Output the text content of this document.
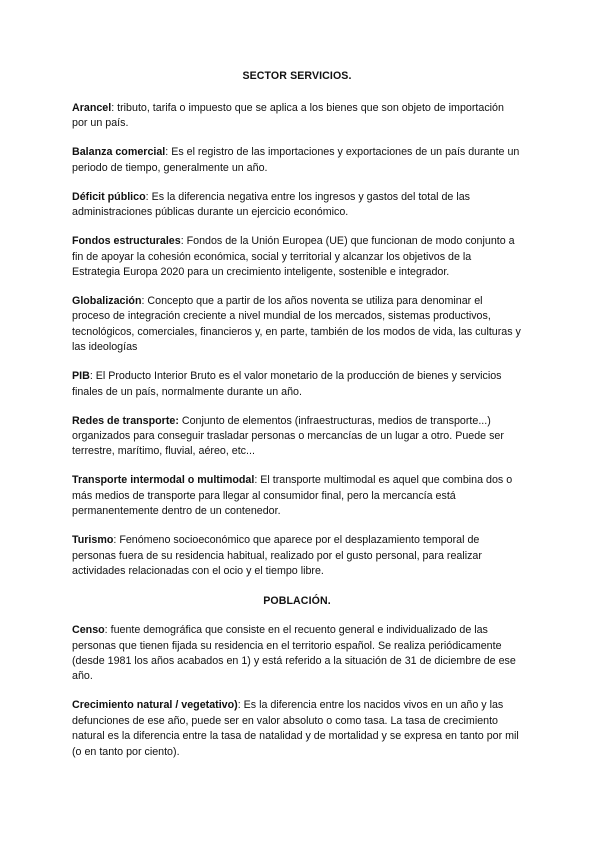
SECTOR SERVICIOS.

Arancel: tributo, tarifa o impuesto que se aplica a los bienes que son objeto de importación por un país.

Balanza comercial: Es el registro de las importaciones y exportaciones de un país durante un periodo de tiempo, generalmente un año.

Déficit público: Es la diferencia negativa entre los ingresos y gastos del total de las administraciones públicas durante un ejercicio económico.

Fondos estructurales: Fondos de la Unión Europea (UE) que funcionan de modo conjunto a fin de apoyar la cohesión económica, social y territorial y alcanzar los objetivos de la Estrategia Europa 2020 para un crecimiento inteligente, sostenible e integrador.

Globalización: Concepto que a partir de los años noventa se utiliza para denominar el proceso de integración creciente a nivel mundial de los mercados, sistemas productivos, tecnológicos, comerciales, financieros y, en parte, también de los modos de vida, las culturas y las ideologías

PIB: El Producto Interior Bruto es el valor monetario de la producción de bienes y servicios finales de un país, normalmente durante un año.

Redes de transporte: Conjunto de elementos (infraestructuras, medios de transporte...) organizados para conseguir trasladar personas o mercancías de un lugar a otro. Puede ser terrestre, marítimo, fluvial, aéreo, etc...

Transporte intermodal o multimodal: El transporte multimodal es aquel que combina dos o más medios de transporte para llegar al consumidor final, pero la mercancía está permanentemente dentro de un contenedor.

Turismo: Fenómeno socioeconómico que aparece por el desplazamiento temporal de personas fuera de su residencia habitual, realizado por el gusto personal, para realizar actividades relacionadas con el ocio y el tiempo libre.

POBLACIÓN.

Censo: fuente demográfica que consiste en el recuento general e individualizado de las personas que tienen fijada su residencia en el territorio español. Se realiza periódicamente (desde 1981 los años acabados en 1) y está referido a la situación de 31 de diciembre de ese año.

Crecimiento natural / vegetativo): Es la diferencia entre los nacidos vivos en un año y las defunciones de ese año, puede ser en valor absoluto o como tasa. La tasa de crecimiento natural es la diferencia entre la tasa de natalidad y de mortalidad y se expresa en tanto por mil (o en tanto por ciento).
